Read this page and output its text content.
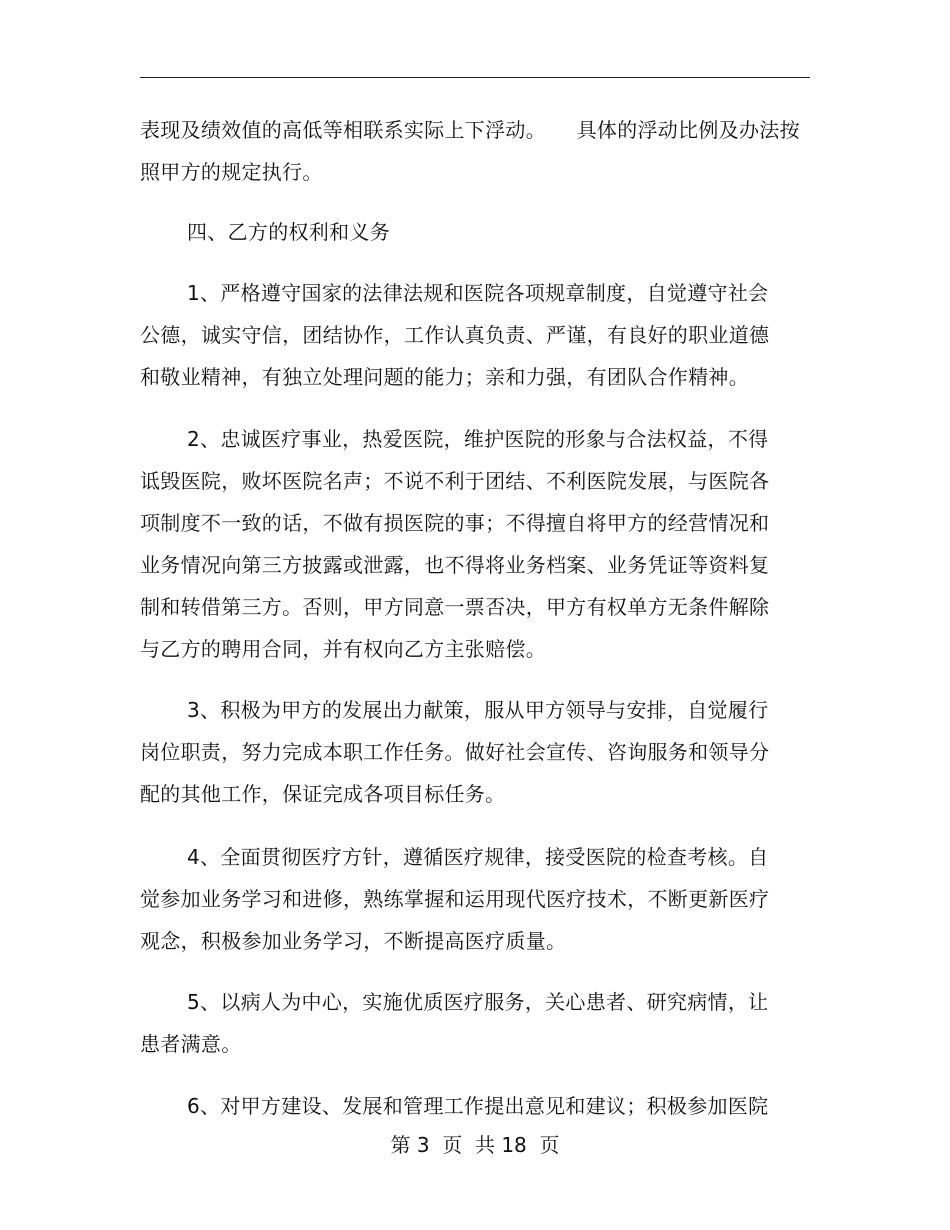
表现及绩效值的高低等相联系实际上下浮动。　　具体的浮动比例及办法按
照甲方的规定执行。
四、乙方的权利和义务
1、严格遵守国家的法律法规和医院各项规章制度，自觉遵守社会
公德，诚实守信，团结协作，工作认真负责、严谨，有良好的职业道德
和敬业精神，有独立处理问题的能力；亲和力强，有团队合作精神。
2、忠诚医疗事业，热爱医院，维护医院的形象与合法权益，不得
诋毁医院，败坏医院名声；不说不利于团结、不利医院发展，与医院各
项制度不一致的话，不做有损医院的事；不得擅自将甲方的经营情况和
业务情况向第三方披露或泄露，也不得将业务档案、业务凭证等资料复
制和转借第三方。否则，甲方同意一票否决，甲方有权单方无条件解除
与乙方的聘用合同，并有权向乙方主张赔偿。
3、积极为甲方的发展出力献策，服从甲方领导与安排，自觉履行
岗位职责，努力完成本职工作任务。做好社会宣传、咨询服务和领导分
配的其他工作，保证完成各项目标任务。
4、全面贯彻医疗方针，遵循医疗规律，接受医院的检查考核。自
觉参加业务学习和进修，熟练掌握和运用现代医疗技术，不断更新医疗
观念，积极参加业务学习，不断提高医疗质量。
5、以病人为中心，实施优质医疗服务，关心患者、研究病情，让
患者满意。
6、对甲方建设、发展和管理工作提出意见和建议；积极参加医院
第 3  页  共 18  页
